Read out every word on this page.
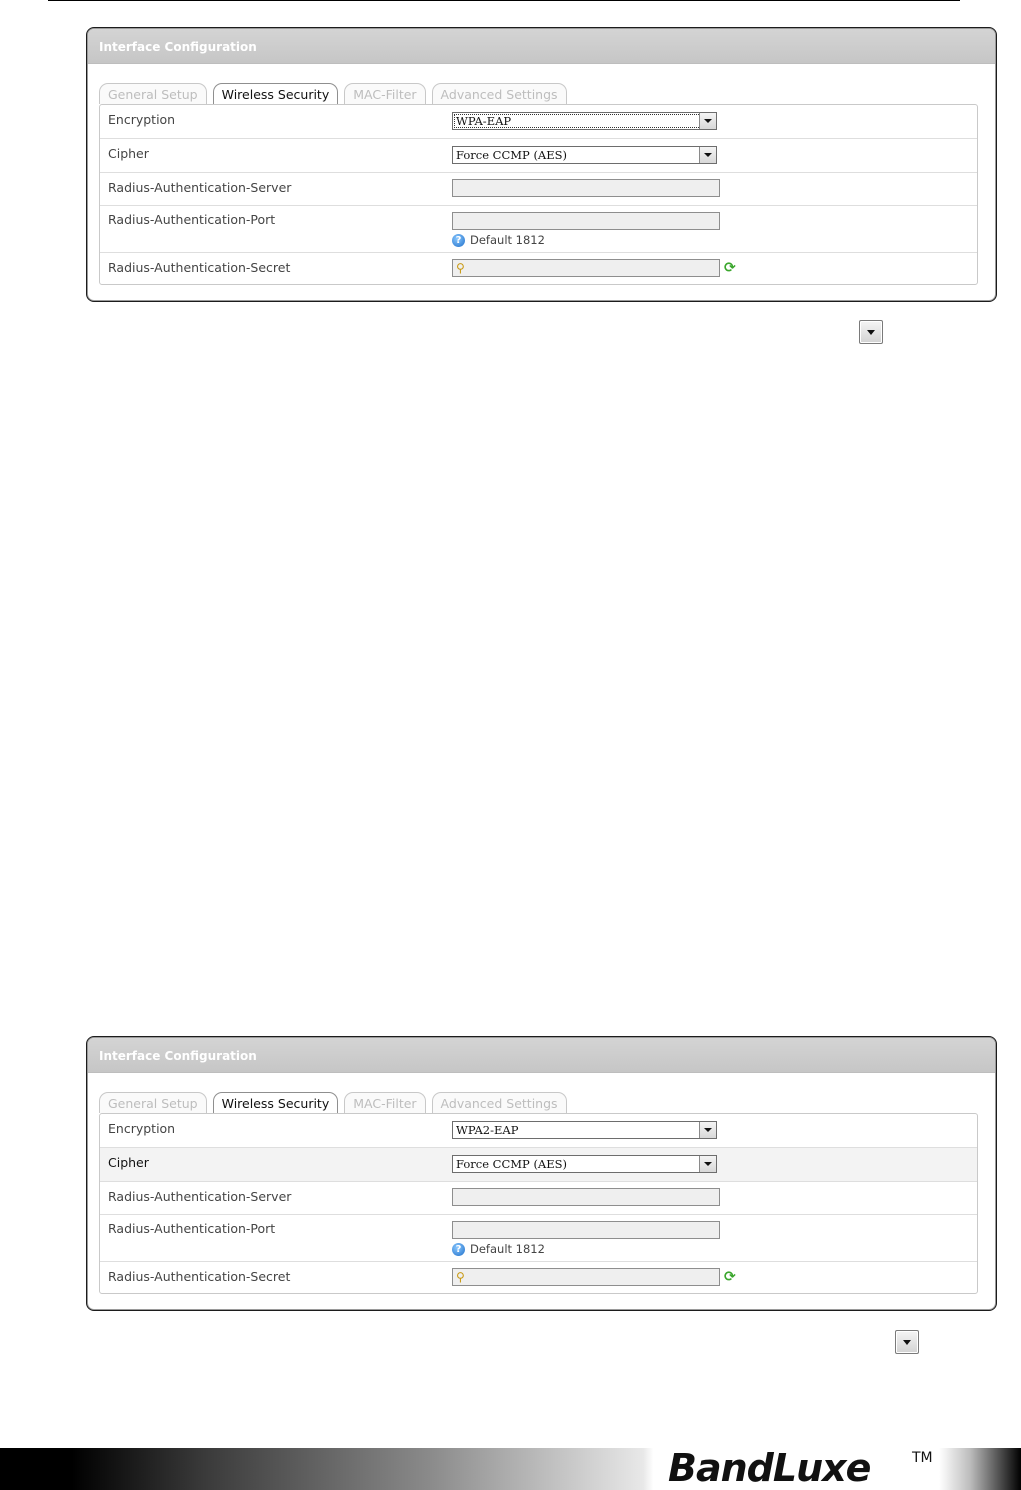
Interface Configuration
General Setup	Wireless Security	MAC-Filter	Advanced Settings
Encryption	WPA-EAP
Cipher	Force CCMP (AES)
Radius-Authentication-Server
Radius-Authentication-Port
? Default 1812
Radius-Authentication-Secret	⚲	⟳
Interface Configuration
General Setup	Wireless Security	MAC-Filter	Advanced Settings
Encryption	WPA2-EAP
Cipher	Force CCMP (AES)
Radius-Authentication-Server
Radius-Authentication-Port
? Default 1812
Radius-Authentication-Secret	⚲	⟳
BandLuxe	TM
